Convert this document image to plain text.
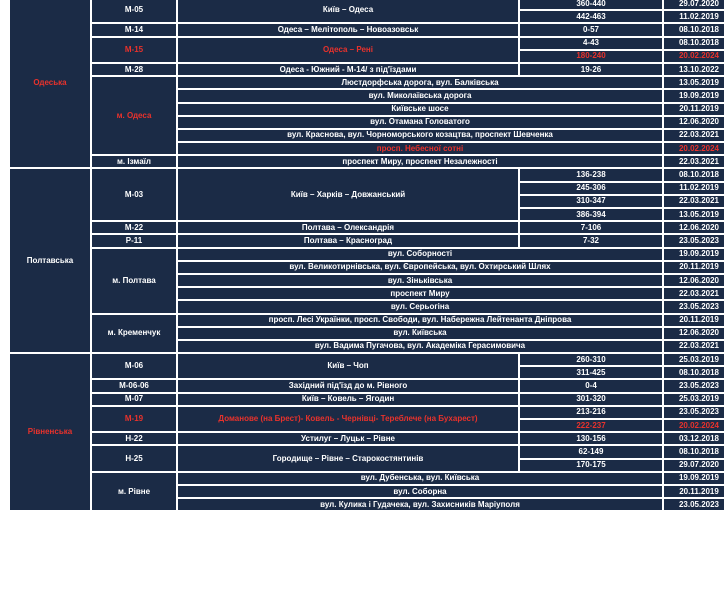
Одеська	М-05	Київ – Одеса	360-440	29.07.2020
			442-463	11.02.2019
	М-14	Одеса – Мелітополь – Новоазовськ	0-57	08.10.2018
	М-15	Одеса – Рені	4-43	08.10.2018
			180-240	20.02.2024
	М-28	Одеса - Южний - М-14/ з під'їздами	19-26	13.10.2022
	м. Одеса	Люстдорфська дорога, вул. Балківська		13.05.2019
		вул. Миколаївська дорога		19.09.2019
		Київське шосе		20.11.2019
		вул. Отамана Головатого		12.06.2020
		вул. Краснова, вул. Чорноморського козацтва, проспект Шевченка		22.03.2021
		просп. Небесної сотні		20.02.2024
	м. Ізмаїл	проспект Миру, проспект Незалежності		22.03.2021
Полтавська	М-03	Київ – Харків – Довжанський	136-238	08.10.2018
			245-306	11.02.2019
			310-347	22.03.2021
			386-394	13.05.2019
	М-22	Полтава – Олександрія	7-106	12.06.2020
	Р-11	Полтава – Красноград	7-32	23.05.2023
	м. Полтава	вул. Соборності		19.09.2019
		вул. Великотирнівська, вул. Європейська, вул. Охтирський Шлях		20.11.2019
		вул. Зіньківська		12.06.2020
		проспект Миру		22.03.2021
		вул. Серьогіна		23.05.2023
	м. Кременчук	просп. Лесі Українки, просп. Свободи, вул. Набережна Лейтенанта Дніпрова		20.11.2019
		вул. Київська		12.06.2020
		вул. Вадима Пугачова, вул. Академіка Герасимовича		22.03.2021
Рівненська	М-06	Київ – Чоп	260-310	25.03.2019
			311-425	08.10.2018
	М-06-06	Західний під'їзд до м. Рівного	0-4	23.05.2023
	М-07	Київ – Ковель – Ягодин	301-320	25.03.2019
	М-19	Доманове (на Брест)- Ковель - Чернівці- Тереблече (на Бухарест)	213-216	23.05.2023
			222-237	20.02.2024
	Н-22	Устилуг – Луцьк – Рівне	130-156	03.12.2018
	Н-25	Городище – Рівне – Старокостянтинів	62-149	08.10.2018
			170-175	29.07.2020
	м. Рівне	вул. Дубенська, вул. Київська		19.09.2019
		вул. Соборна		20.11.2019
		вул. Кулика і Гудачека, вул. Захисників Маріуполя		23.05.2023
